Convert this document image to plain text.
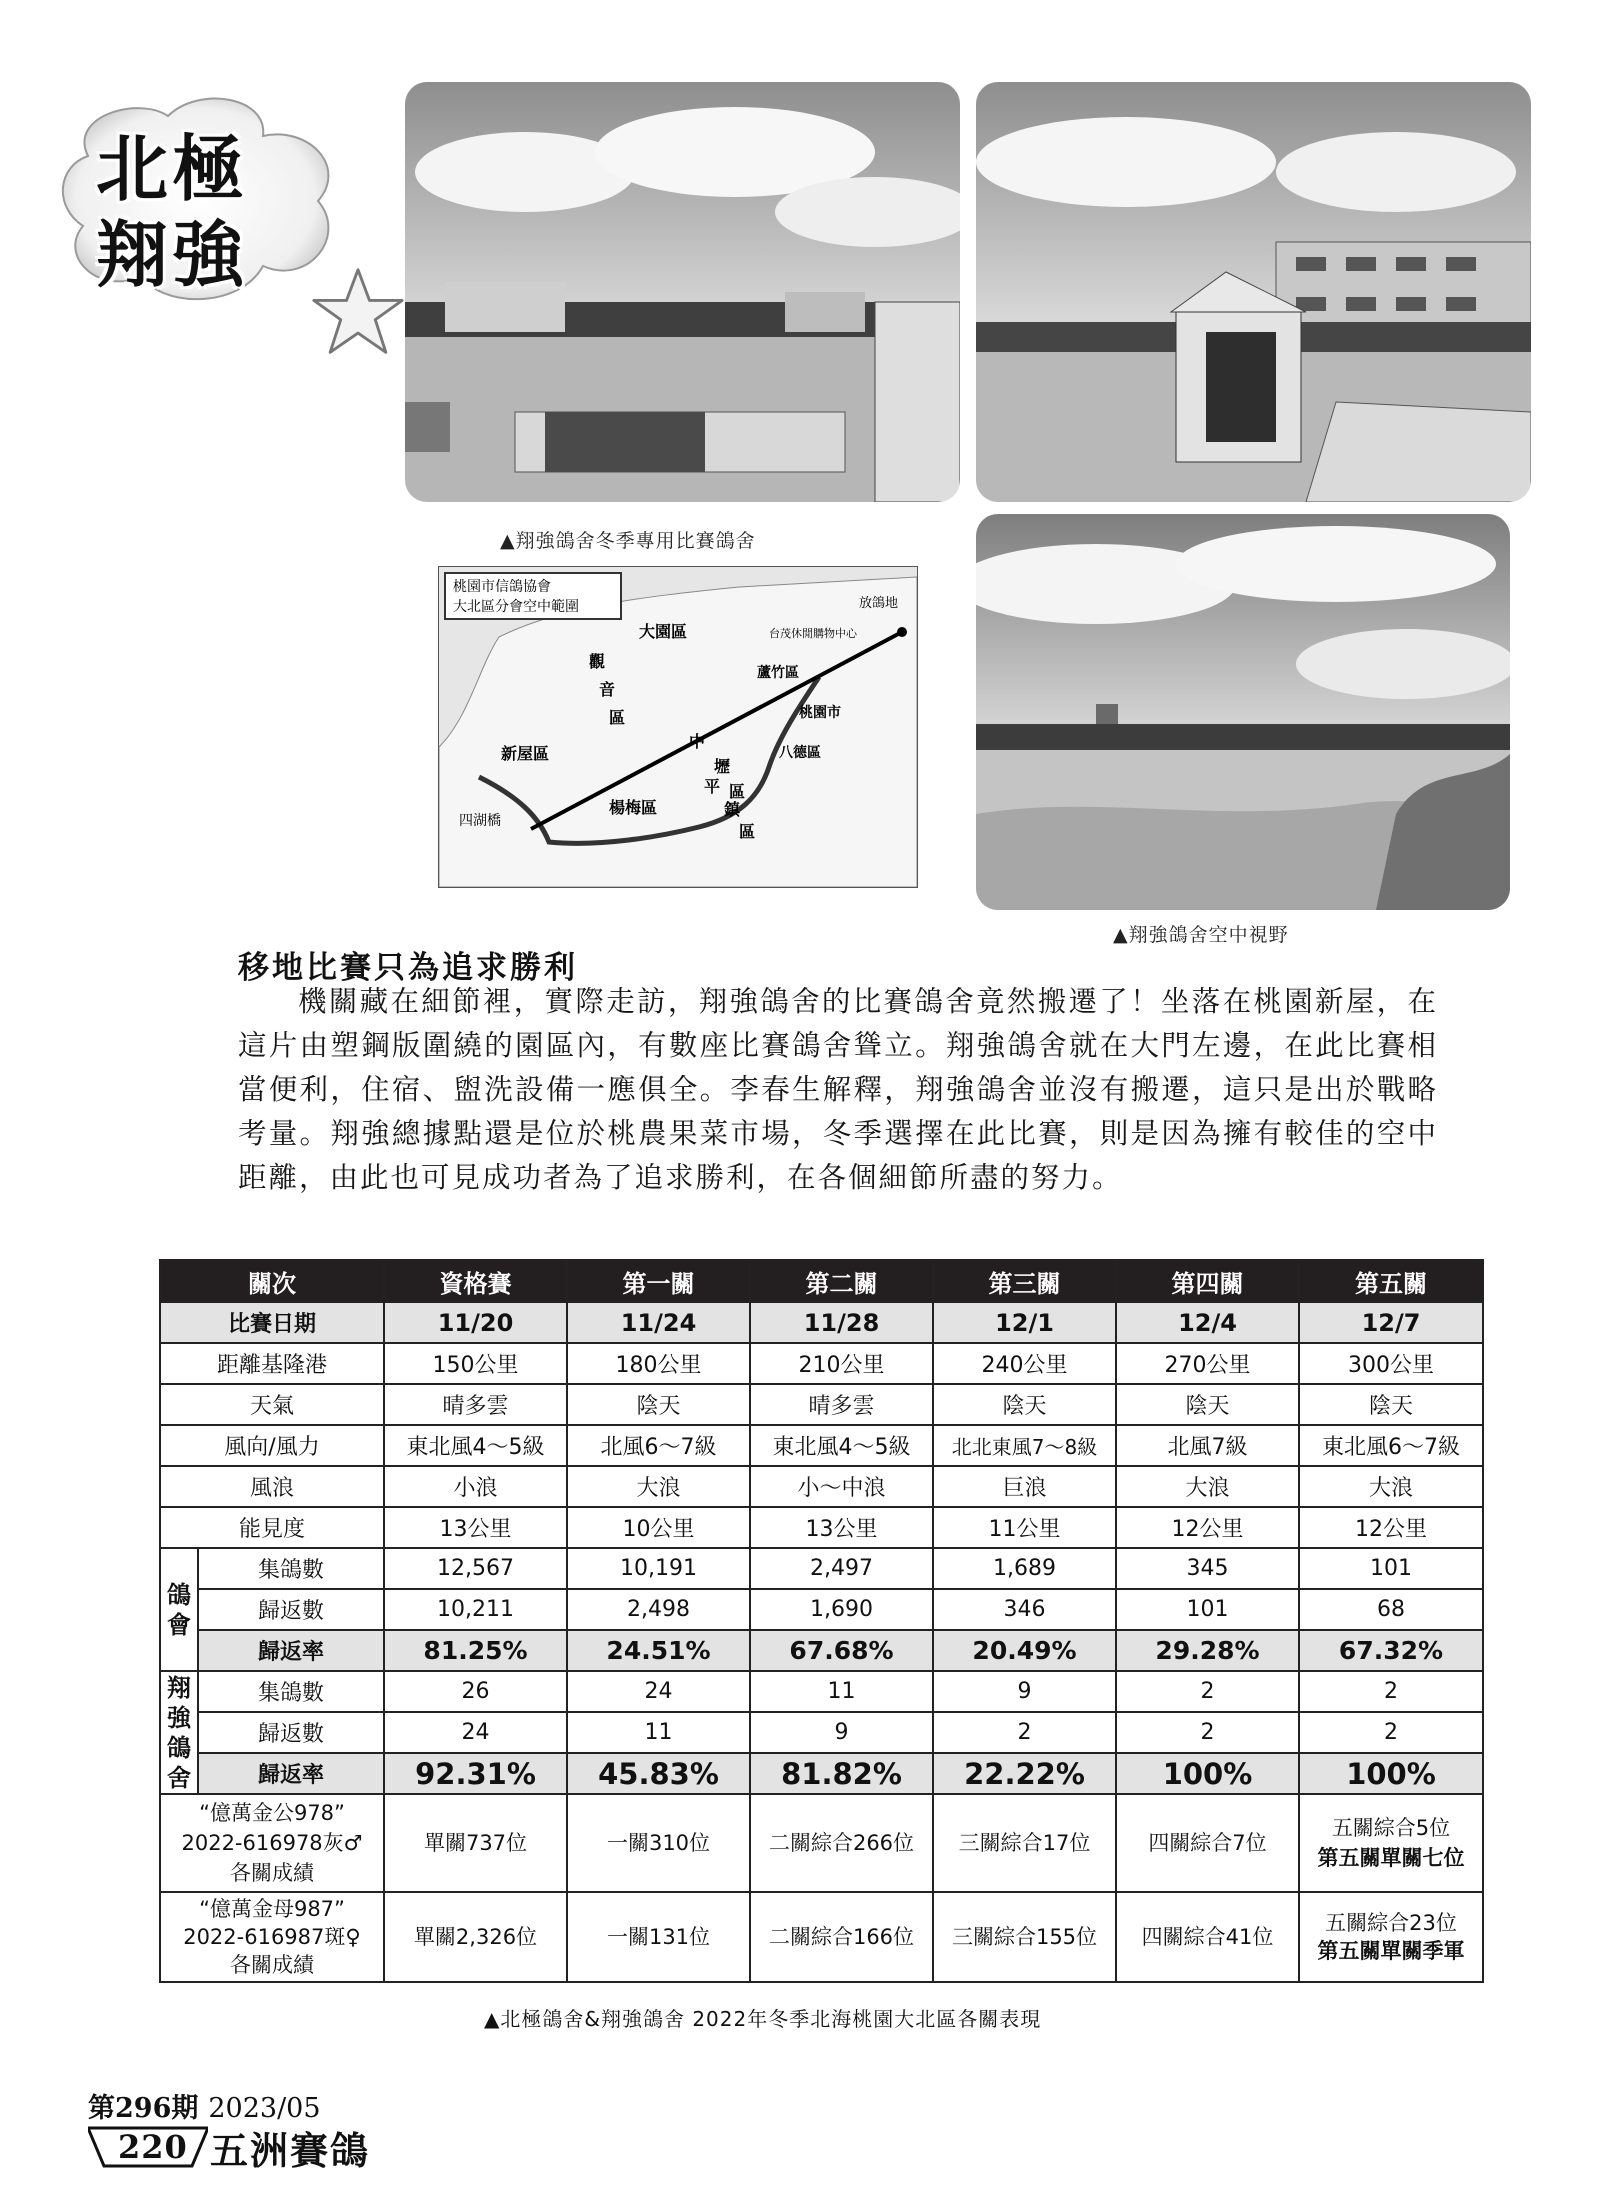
北極
翔強
▲翔強鴿舍冬季專用比賽鴿舍
桃園市信鴿協會
大北區分會空中範圍
大園區
觀
音
區
新屋區
楊梅區
中
壢
區
平
鎮
區
八德區
蘆竹區
桃園市
放鴿地
四湖橋
台茂休閒購物中心
▲翔強鴿舍空中視野
移地比賽只為追求勝利
機關藏在細節裡，實際走訪，翔強鴿舍的比賽鴿舍竟然搬遷了！坐落在桃園新屋，在這片由塑鋼版圍繞的園區內，有數座比賽鴿舍聳立。翔強鴿舍就在大門左邊，在此比賽相當便利，住宿、盥洗設備一應俱全。李春生解釋，翔強鴿舍並沒有搬遷，這只是出於戰略考量。翔強總據點還是位於桃農果菜市場，冬季選擇在此比賽，則是因為擁有較佳的空中距離，由此也可見成功者為了追求勝利，在各個細節所盡的努力。
關次		資格賽	第一關	第二關	第三關	第四關	第五關
比賽日期		11/20	11/24	11/28	12/1	12/4	12/7
距離基隆港		150公里	180公里	210公里	240公里	270公里	300公里
天氣		晴多雲	陰天	晴多雲	陰天	陰天	陰天
風向/風力		東北風4～5級	北風6～7級	東北風4～5級	北北東風7～8級	北風7級	東北風6～7級
風浪		小浪	大浪	小～中浪	巨浪	大浪	大浪
能見度		13公里	10公里	13公里	11公里	12公里	12公里
鴿會	集鴿數	12,567	10,191	2,497	1,689	345	101
	歸返數	10,211	2,498	1,690	346	101	68
	歸返率	81.25%	24.51%	67.68%	20.49%	29.28%	67.32%
翔強鴿舍	集鴿數	26	24	11	9	2	2
	歸返數	24	11	9	2	2	2
	歸返率	92.31%	45.83%	81.82%	22.22%	100%	100%

“億萬金公978”
2022-616978灰♂
各關成績		單關737位	一關310位	二關綜合266位	三關綜合17位	四關綜合7位	五關綜合5位
第五關單關七位

“億萬金母987”
2022-616987斑♀
各關成績		單關2,326位	一關131位	二關綜合166位	三關綜合155位	四關綜合41位	五關綜合23位
第五關單關季軍
▲北極鴿舍&翔強鴿舍 2022年冬季北海桃園大北區各關表現
第296期 2023/05
220 五洲賽鴿
